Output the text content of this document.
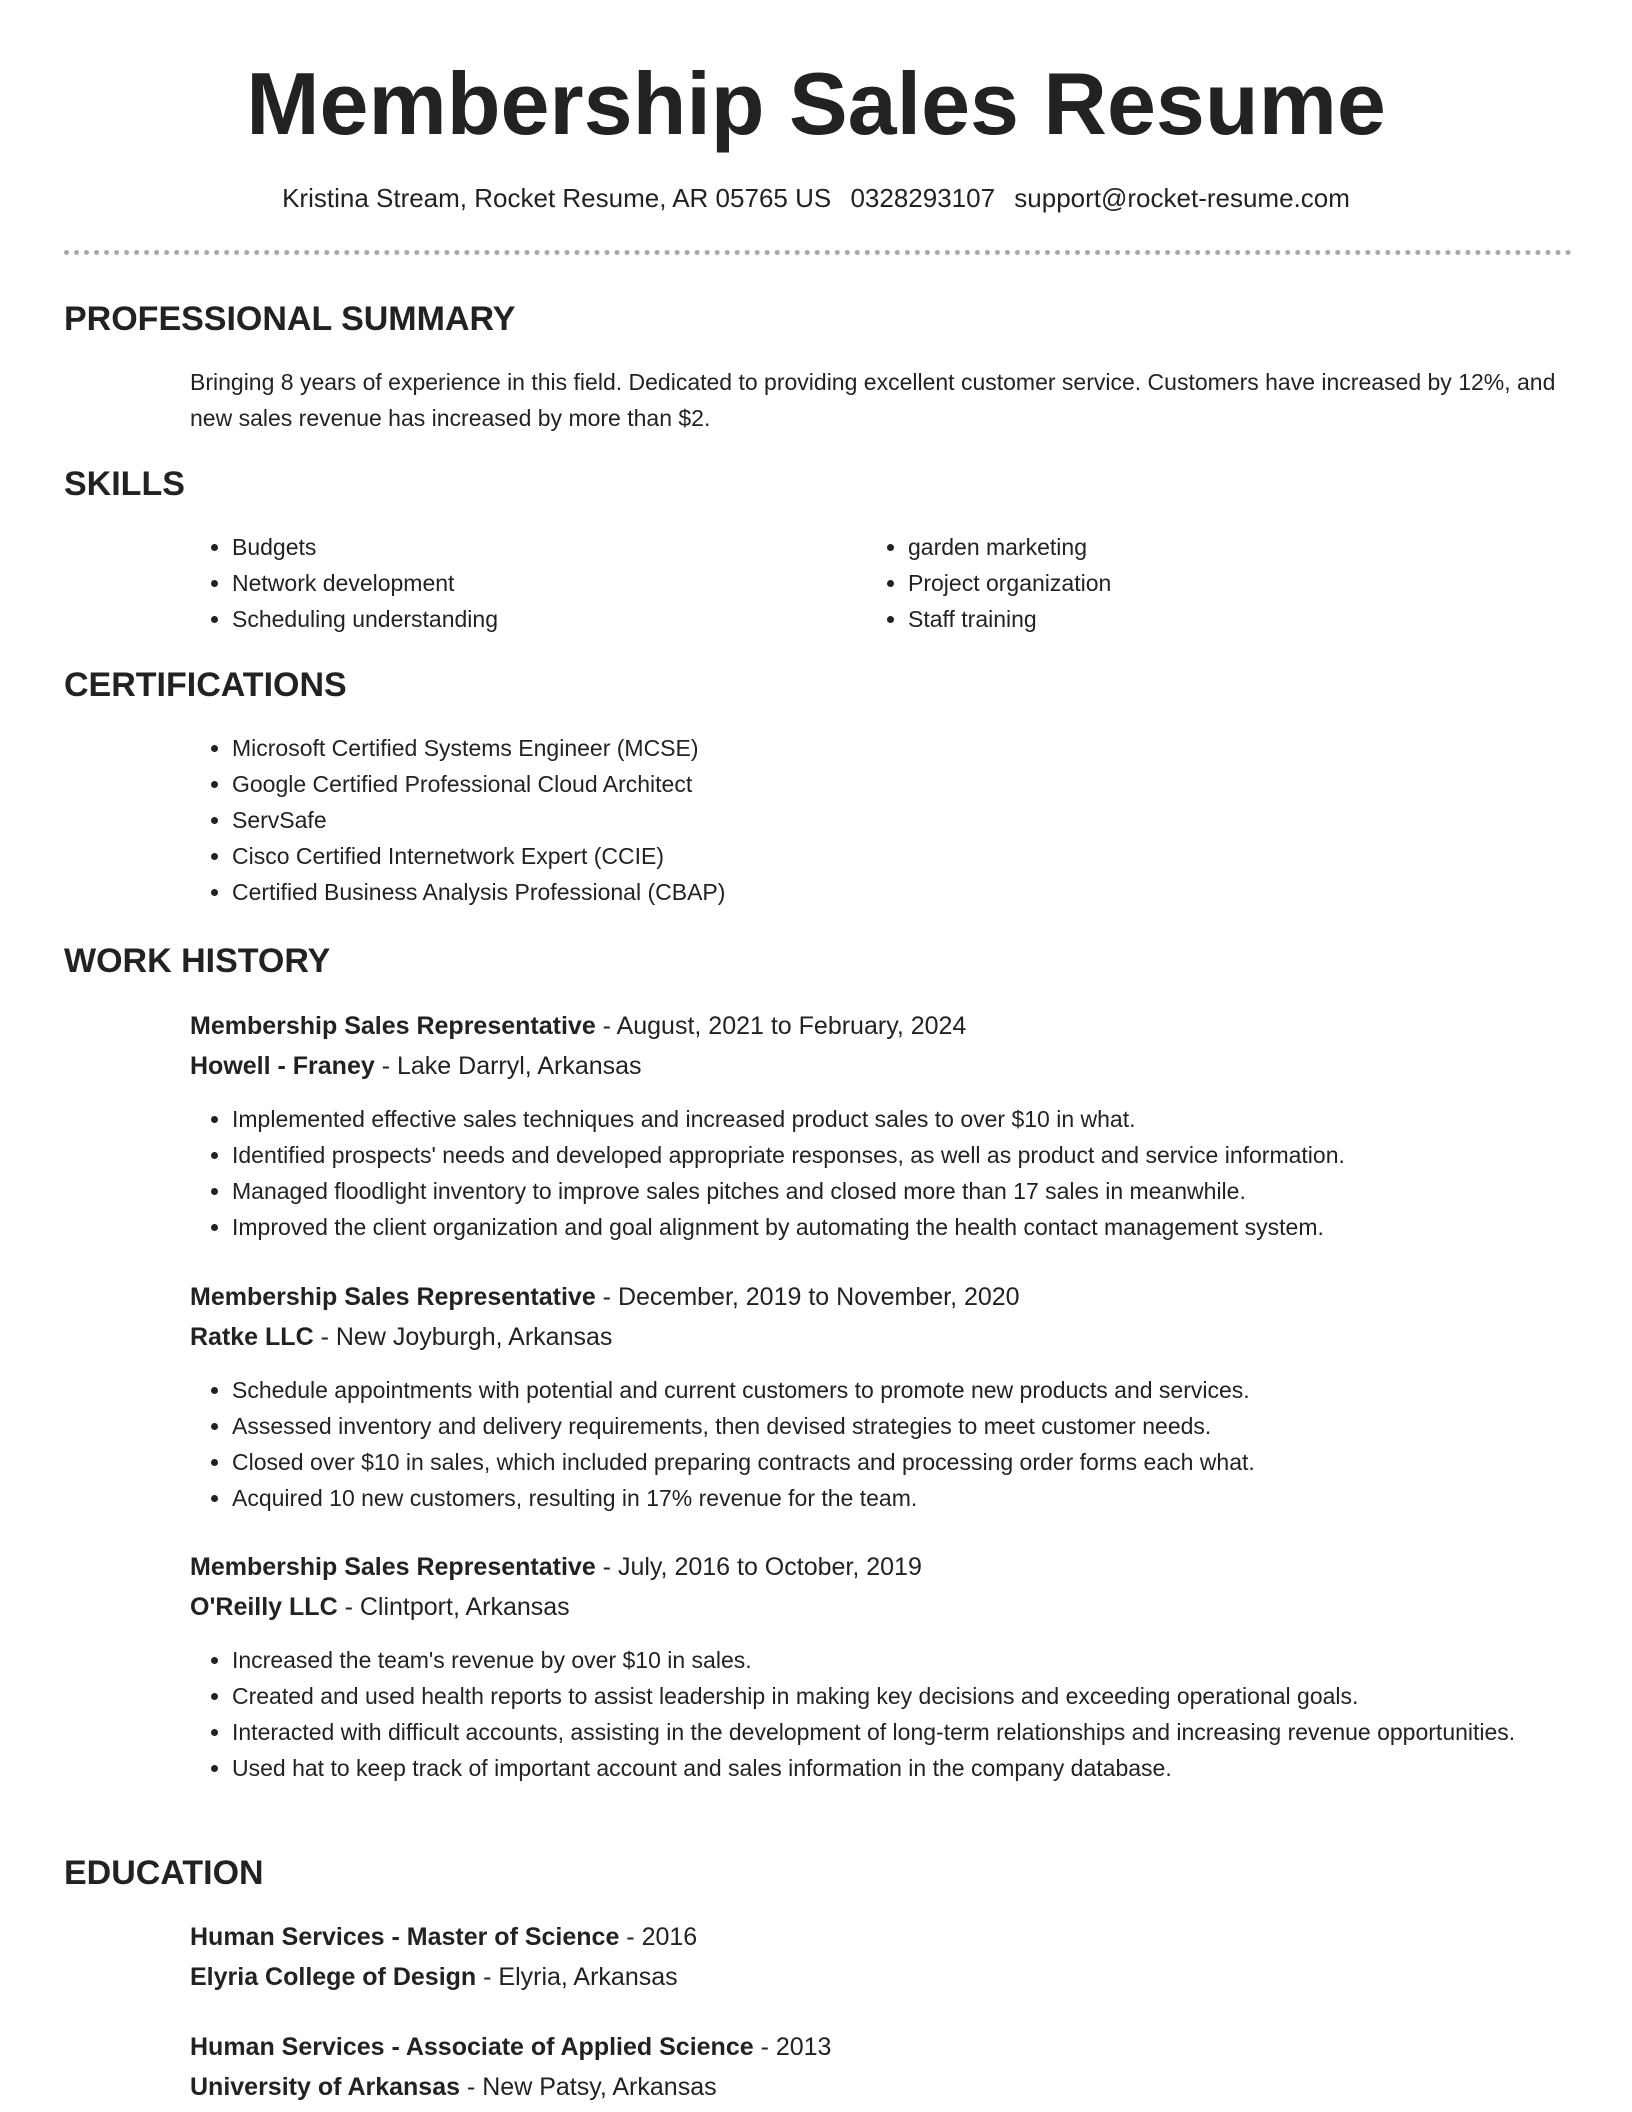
Membership Sales Resume
Kristina Stream, Rocket Resume, AR 05765 US 0328293107 support@rocket-resume.com
PROFESSIONAL SUMMARY

Bringing 8 years of experience in this field. Dedicated to providing excellent customer service. Customers have increased by 12%, and new sales revenue has increased by more than $2.

SKILLS
• Budgets
• Network development
• Scheduling understanding
• garden marketing
• Project organization
• Staff training
CERTIFICATIONS
• Microsoft Certified Systems Engineer (MCSE)
• Google Certified Professional Cloud Architect
• ServSafe
• Cisco Certified Internetwork Expert (CCIE)
• Certified Business Analysis Professional (CBAP)
WORK HISTORY
Membership Sales Representative - August, 2021 to February, 2024
Howell - Franey - Lake Darryl, Arkansas
• Implemented effective sales techniques and increased product sales to over $10 in what.
• Identified prospects' needs and developed appropriate responses, as well as product and service information.
• Managed floodlight inventory to improve sales pitches and closed more than 17 sales in meanwhile.
• Improved the client organization and goal alignment by automating the health contact management system.
Membership Sales Representative - December, 2019 to November, 2020
Ratke LLC - New Joyburgh, Arkansas
• Schedule appointments with potential and current customers to promote new products and services.
• Assessed inventory and delivery requirements, then devised strategies to meet customer needs.
• Closed over $10 in sales, which included preparing contracts and processing order forms each what.
• Acquired 10 new customers, resulting in 17% revenue for the team.
Membership Sales Representative - July, 2016 to October, 2019
O'Reilly LLC - Clintport, Arkansas
• Increased the team's revenue by over $10 in sales.
• Created and used health reports to assist leadership in making key decisions and exceeding operational goals.
• Interacted with difficult accounts, assisting in the development of long-term relationships and increasing revenue opportunities.
• Used hat to keep track of important account and sales information in the company database.
EDUCATION
Human Services - Master of Science - 2016
Elyria College of Design - Elyria, Arkansas
Human Services - Associate of Applied Science - 2013
University of Arkansas - New Patsy, Arkansas
